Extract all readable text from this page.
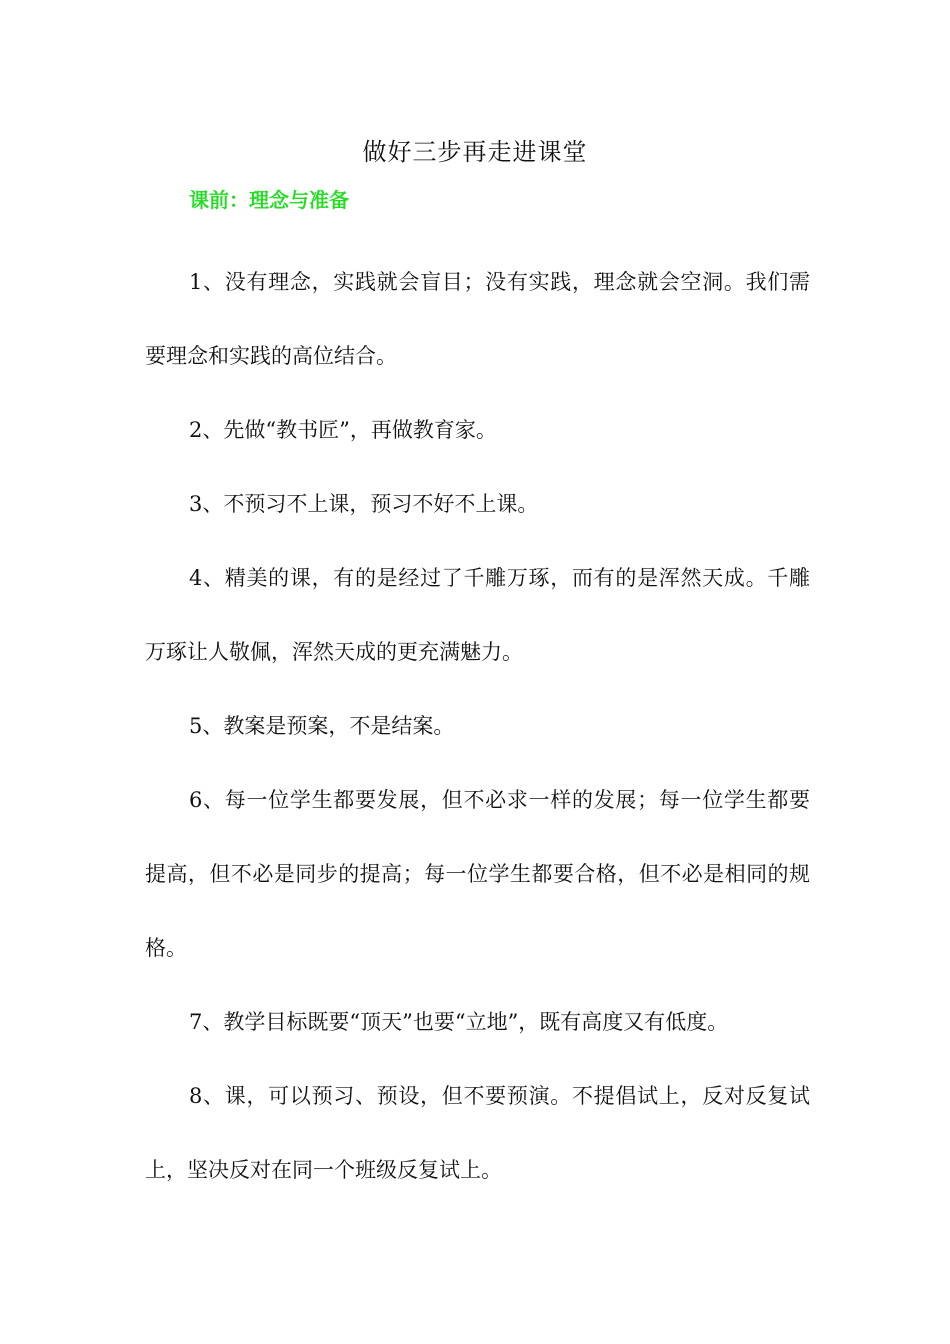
做好三步再走进课堂
课前：理念与准备

1、没有理念，实践就会盲目；没有实践，理念就会空洞。我们需要理念和实践的高位结合。

2、先做“教书匠”，再做教育家。

3、不预习不上课，预习不好不上课。

4、精美的课，有的是经过了千雕万琢，而有的是浑然天成。千雕万琢让人敬佩，浑然天成的更充满魅力。

5、教案是预案，不是结案。

6、每一位学生都要发展，但不必求一样的发展；每一位学生都要提高，但不必是同步的提高；每一位学生都要合格，但不必是相同的规格。

7、教学目标既要“顶天”也要“立地”，既有高度又有低度。

8、课，可以预习、预设，但不要预演。不提倡试上，反对反复试上，坚决反对在同一个班级反复试上。
